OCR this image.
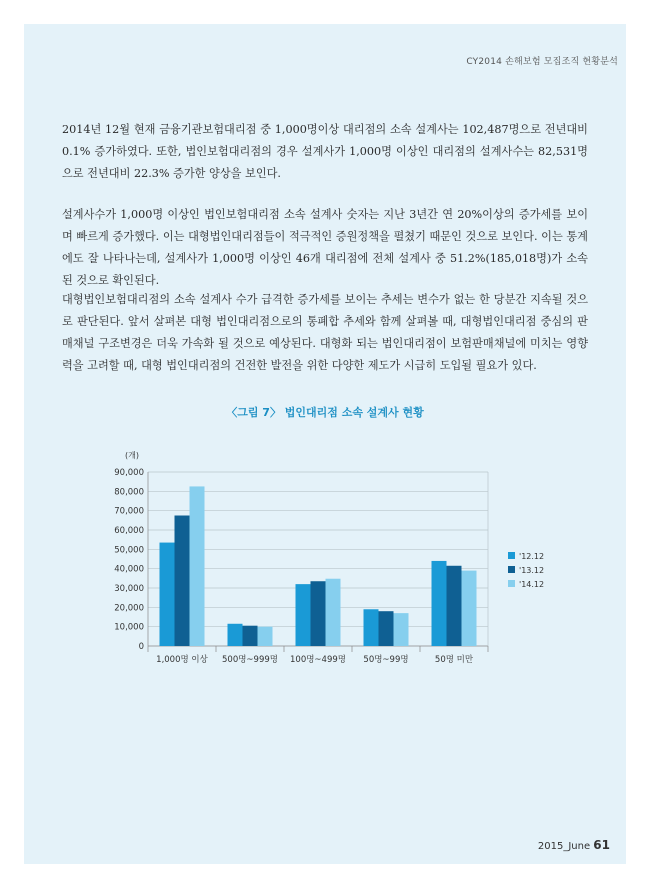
CY2014 손해보험 모집조직 현황분석

2014년 12월 현재 금융기관보험대리점 중 1,000명이상 대리점의 소속 설계사는 102,487명으로 전년대비 0.1% 증가하였다. 또한, 법인보험대리점의 경우 설계사가 1,000명 이상인 대리점의 설계사수는 82,531명으로 전년대비 22.3% 증가한 양상을 보인다.

설계사수가 1,000명 이상인 법인보험대리점 소속 설계사 숫자는 지난 3년간 연 20%이상의 증가세를 보이며 빠르게 증가했다. 이는 대형법인대리점들이 적극적인 증원정책을 펼쳤기 때문인 것으로 보인다. 이는 통계에도 잘 나타나는데, 설계사가 1,000명 이상인 46개 대리점에 전체 설계사 중 51.2%(185,018명)가 소속된 것으로 확인된다.

대형법인보험대리점의 소속 설계사 수가 급격한 증가세를 보이는 추세는 변수가 없는 한 당분간 지속될 것으로 판단된다. 앞서 살펴본 대형 법인대리점으로의 통폐합 추세와 함께 살펴볼 때, 대형법인대리점 중심의 판매채널 구조변경은 더욱 가속화 될 것으로 예상된다. 대형화 되는 법인대리점이 보험판매채널에 미치는 영향력을 고려할 때, 대형 법인대리점의 건전한 발전을 위한 다양한 제도가 시급히 도입될 필요가 있다.

〈그림 7〉 법인대리점 소속 설계사 현황
(개)
0
10,000
20,000
30,000
40,000
50,000
60,000
70,000
80,000
90,000
1,000명 이상 500명~999명 100명~499명 50명~99명	50명 미만
'12.12
'13.12
'14.12
2015_June 61
